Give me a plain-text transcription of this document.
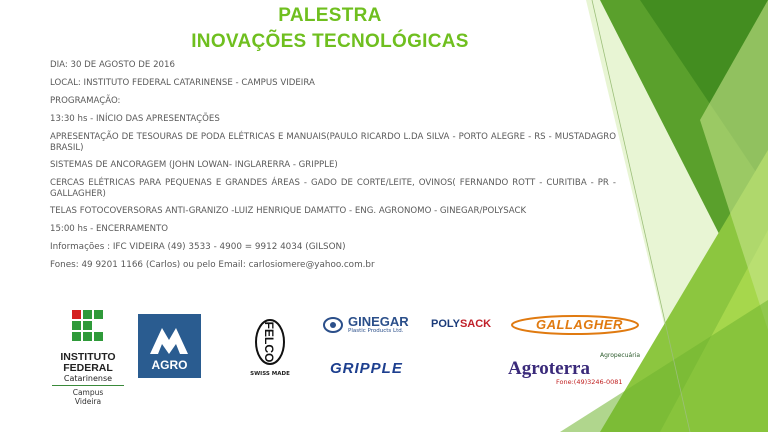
PALESTRA
INOVAÇÕES TECNOLÓGICAS
DIA: 30 DE AGOSTO DE 2016
LOCAL: INSTITUTO FEDERAL CATARINENSE - CAMPUS VIDEIRA
PROGRAMAÇÃO:
13:30 hs - INÍCIO DAS APRESENTAÇÕES
APRESENTAÇÃO DE TESOURAS DE PODA ELÉTRICAS E MANUAIS(PAULO RICARDO L.DA SILVA - PORTO ALEGRE - RS - MUSTADAGRO BRASIL)
SISTEMAS DE ANCORAGEM (JOHN LOWAN- INGLARERRA - GRIPPLE)
CERCAS ELÉTRICAS PARA PEQUENAS E GRANDES ÁREAS - GADO DE CORTE/LEITE, OVINOS( FERNANDO ROTT - CURITIBA - PR - GALLAGHER)
TELAS FOTOCOVERSORAS ANTI-GRANIZO -LUIZ HENRIQUE DAMATTO - ENG. AGRONOMO - GINEGAR/POLYSACK
15:00 hs - ENCERRAMENTO
Informações : IFC VIDEIRA (49) 3533 - 4900 = 9912 4034 (GILSON)
Fones: 49 9201 1166 (Carlos) ou pelo Email: carlosiomere@yahoo.com.br
INSTITUTO
FEDERAL
Catarinense
Campus
Videira
AGRO
FELCO
SWISS MADE
GINEGAR
Plastic Products Ltd.
POLYSACK	GALLAGHER
GRIPPLE
Agropecuária
Agroterra
Fone:(49)3246-0081
